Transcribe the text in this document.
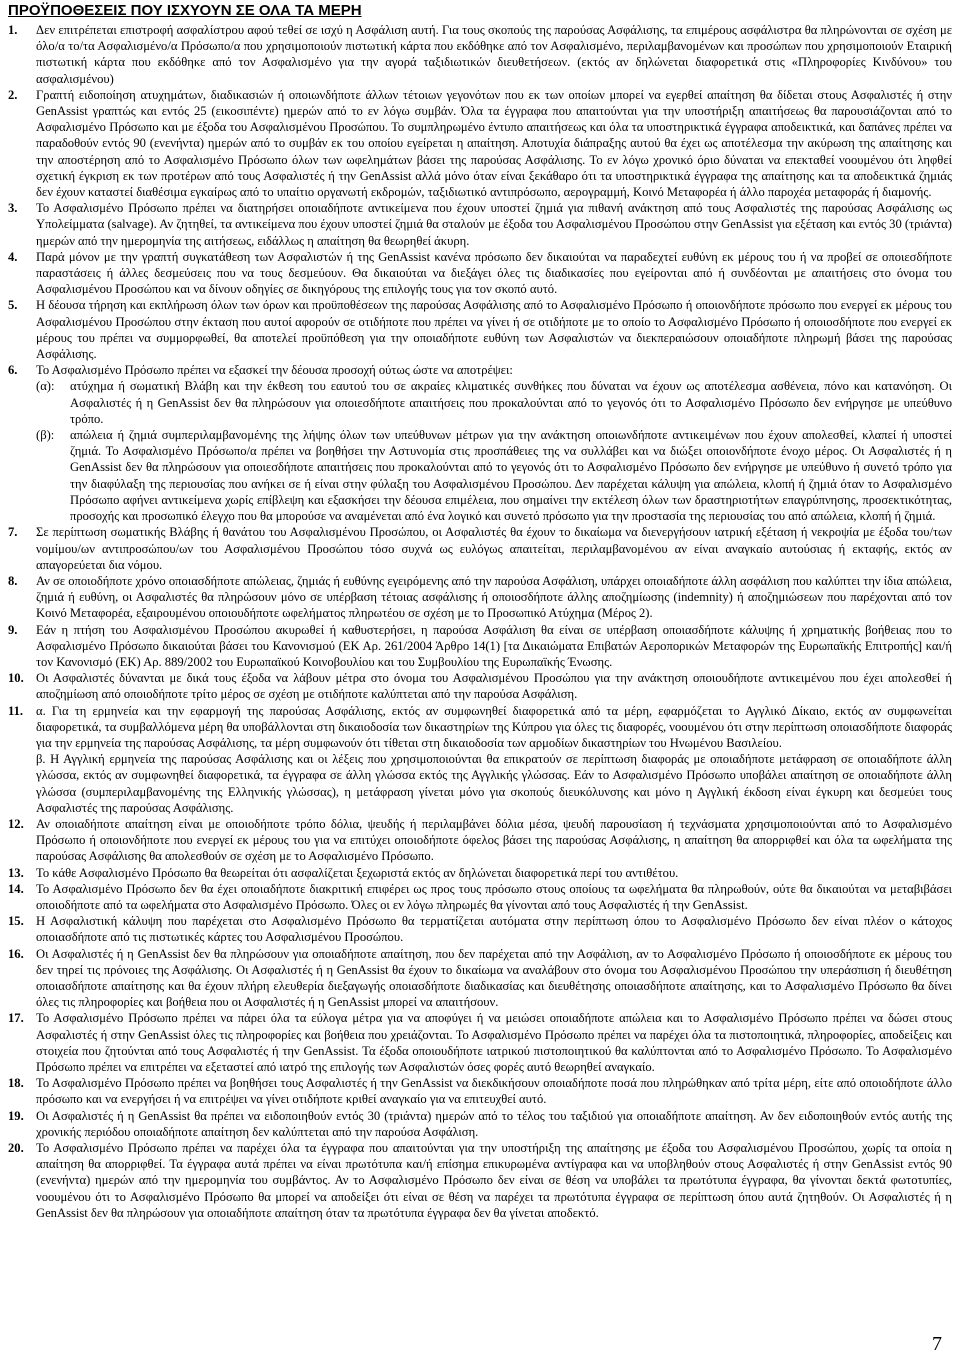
ΠΡΟΫΠΟΘΕΣΕΙΣ ΠΟΥ ΙΣΧΥΟΥΝ ΣΕ ΟΛΑ ΤΑ ΜΕΡΗ
1.	Δεν επιτρέπεται επιστροφή ασφαλίστρου αφού τεθεί σε ισχύ η Ασφάλιση αυτή. Για τους σκοπούς της παρούσας Ασφάλισης, τα επιμέρους ασφάλιστρα θα πληρώνονται σε σχέση με όλο/α το/τα Ασφαλισμένο/α Πρόσωπο/α που χρησιμοποιούν πιστωτική κάρτα που εκδόθηκε από τον Ασφαλισμένο, περιλαμβανομένων και προσώπων που χρησιμοποιούν Εταιρική πιστωτική κάρτα που εκδόθηκε από τον Ασφαλισμένο για την αγορά ταξιδιωτικών διευθετήσεων. (εκτός αν δηλώνεται διαφορετικά στις «Πληροφορίες Κινδύνου» του ασφαλισμένου)
2.	Γραπτή ειδοποίηση ατυχημάτων, διαδικασιών ή οποιωνδήποτε άλλων τέτοιων γεγονότων που εκ των οποίων μπορεί να εγερθεί απαίτηση θα δίδεται στους Ασφαλιστές ή στην GenAssist γραπτώς και εντός 25 (εικοσιπέντε) ημερών από το εν λόγω συμβάν. Όλα τα έγγραφα που απαιτούνται για την υποστήριξη απαιτήσεως θα παρουσιάζονται από το Ασφαλισμένο Πρόσωπο και με έξοδα του Ασφαλισμένου Προσώπου. Το συμπληρωμένο έντυπο απαιτήσεως και όλα τα υποστηρικτικά έγγραφα αποδεικτικά, και δαπάνες πρέπει να παραδοθούν εντός 90 (ενενήντα) ημερών από το συμβάν εκ του οποίου εγείρεται η απαίτηση. Αποτυχία διάπραξης αυτού θα έχει ως αποτέλεσμα την ακύρωση της απαίτησης και την αποστέρηση από το Ασφαλισμένο Πρόσωπο όλων των ωφελημάτων βάσει της παρούσας Ασφάλισης. Το εν λόγω χρονικό όριο δύναται να επεκταθεί νοουμένου ότι ληφθεί σχετική έγκριση εκ των προτέρων από τους Ασφαλιστές ή την GenAssist αλλά μόνο όταν είναι ξεκάθαρο ότι τα υποστηρικτικά έγγραφα της απαίτησης και τα αποδεικτικά ζημιάς δεν έχουν καταστεί διαθέσιμα εγκαίρως από το υπαίτιο οργανωτή εκδρομών, ταξιδιωτικό αντιπρόσωπο, αερογραμμή, Κοινό Μεταφορέα ή άλλο παροχέα μεταφοράς ή διαμονής.
3.	Το Ασφαλισμένο Πρόσωπο πρέπει να διατηρήσει οποιαδήποτε αντικείμενα που έχουν υποστεί ζημιά για πιθανή ανάκτηση από τους Ασφαλιστές της παρούσας Ασφάλισης ως Υπολείμματα (salvage). Αν ζητηθεί, τα αντικείμενα που έχουν υποστεί ζημιά θα σταλούν με έξοδα του Ασφαλισμένου Προσώπου στην GenAssist για εξέταση και εντός 30 (τριάντα) ημερών από την ημερομηνία της αιτήσεως, ειδάλλως η απαίτηση θα θεωρηθεί άκυρη.
4.	Παρά μόνον με την γραπτή συγκατάθεση των Ασφαλιστών ή της GenAssist κανένα πρόσωπο δεν δικαιούται να παραδεχτεί ευθύνη εκ μέρους του ή να προβεί σε οποιεσδήποτε παραστάσεις ή άλλες δεσμεύσεις που να τους δεσμεύουν. Θα δικαιούται να διεξάγει όλες τις διαδικασίες που εγείρονται από ή συνδέονται με απαιτήσεις στο όνομα του Ασφαλισμένου Προσώπου και να δίνουν οδηγίες σε δικηγόρους της επιλογής τους για τον σκοπό αυτό.
5.	Η δέουσα τήρηση και εκπλήρωση όλων των όρων και προϋποθέσεων της παρούσας Ασφάλισης από το Ασφαλισμένο Πρόσωπο ή οποιονδήποτε πρόσωπο που ενεργεί εκ μέρους του Ασφαλισμένου Προσώπου στην έκταση που αυτοί αφορούν σε οτιδήποτε που πρέπει να γίνει ή σε οτιδήποτε με το οποίο το Ασφαλισμένο Πρόσωπο ή οποιοσδήποτε που ενεργεί εκ μέρους του πρέπει να συμμορφωθεί, θα αποτελεί προϋπόθεση για την οποιαδήποτε ευθύνη των Ασφαλιστών να διεκπεραιώσουν οποιαδήποτε πληρωμή βάσει της παρούσας Ασφάλισης.
6.	Το Ασφαλισμένο Πρόσωπο πρέπει να εξασκεί την δέουσα προσοχή ούτως ώστε να αποτρέψει:
(α):	ατύχημα ή σωματική Βλάβη και την έκθεση του εαυτού του σε ακραίες κλιματικές συνθήκες που δύναται να έχουν ως αποτέλεσμα ασθένεια, πόνο και κατανόηση. Οι Ασφαλιστές ή η GenAssist δεν θα πληρώσουν για οποιεσδήποτε απαιτήσεις που προκαλούνται από το γεγονός ότι το Ασφαλισμένο Πρόσωπο δεν ενήργησε με υπεύθυνο τρόπο.
(β):	απώλεια ή ζημιά συμπεριλαμβανομένης της λήψης όλων των υπεύθυνων μέτρων για την ανάκτηση οποιωνδήποτε αντικειμένων που έχουν απολεσθεί, κλαπεί ή υποστεί ζημιά. Το Ασφαλισμένο Πρόσωπο/α πρέπει να βοηθήσει την Αστυνομία στις προσπάθειες της να συλλάβει και να διώξει οποιονδήποτε ένοχο μέρος. Οι Ασφαλιστές ή η GenAssist δεν θα πληρώσουν για οποιεσδήποτε απαιτήσεις που προκαλούνται από το γεγονός ότι το Ασφαλισμένο Πρόσωπο δεν ενήργησε με υπεύθυνο ή συνετό τρόπο για την διαφύλαξη της περιουσίας που ανήκει σε ή είναι στην φύλαξη του Ασφαλισμένου Προσώπου. Δεν παρέχεται κάλυψη για απώλεια, κλοπή ή ζημιά όταν το Ασφαλισμένο Πρόσωπο αφήνει αντικείμενα χωρίς επίβλεψη και εξασκήσει την δέουσα επιμέλεια, που σημαίνει την εκτέλεση όλων των δραστηριοτήτων επαγρύπνησης, προσεκτικότητας, προσοχής και προσωπικό έλεγχο που θα μπορούσε να αναμένεται από ένα λογικό και συνετό πρόσωπο για την προστασία της περιουσίας του από απώλεια, κλοπή ή ζημιά.
7.	Σε περίπτωση σωματικής Βλάβης ή θανάτου του Ασφαλισμένου Προσώπου, οι Ασφαλιστές θα έχουν το δικαίωμα να διενεργήσουν ιατρική εξέταση ή νεκροψία με έξοδα του/των νομίμου/ων αντιπροσώπου/ων του Ασφαλισμένου Προσώπου τόσο συχνά ως ευλόγως απαιτείται, περιλαμβανομένου αν είναι αναγκαίο αυτούσιας ή εκταφής, εκτός αν απαγορεύεται δια νόμου.
8.	Αν σε οποιοδήποτε χρόνο οποιασδήποτε απώλειας, ζημιάς ή ευθύνης εγειρόμενης από την παρούσα Ασφάλιση, υπάρχει οποιαδήποτε άλλη ασφάλιση που καλύπτει την ίδια απώλεια, ζημιά ή ευθύνη, οι Ασφαλιστές θα πληρώσουν μόνο σε υπέρβαση τέτοιας ασφάλισης ή οποιοσδήποτε άλλης αποζημίωσης (indemnity) ή αποζημιώσεων που παρέχονται από τον Κοινό Μεταφορέα, εξαιρουμένου οποιουδήποτε ωφελήματος πληρωτέου σε σχέση με το Προσωπικό Ατύχημα (Μέρος 2).
9.	Εάν η πτήση του Ασφαλισμένου Προσώπου ακυρωθεί ή καθυστερήσει, η παρούσα Ασφάλιση θα είναι σε υπέρβαση οποιασδήποτε κάλυψης ή χρηματικής βοήθειας που το Ασφαλισμένο Πρόσωπο δικαιούται βάσει του Κανονισμού (ΕΚ Αρ. 261/2004 Άρθρο 14(1) [τα Δικαιώματα Επιβατών Αεροπορικών Μεταφορών της Ευρωπαϊκής Επιτροπής] και/ή τον Κανονισμό (ΕΚ) Αρ. 889/2002 του Ευρωπαϊκού Κοινοβουλίου και του Συμβουλίου της Ευρωπαϊκής Ένωσης.
10. Οι Ασφαλιστές δύνανται με δικά τους έξοδα να λάβουν μέτρα στο όνομα του Ασφαλισμένου Προσώπου για την ανάκτηση οποιουδήποτε αντικειμένου που έχει απολεσθεί ή αποζημίωση από οποιοδήποτε τρίτο μέρος σε σχέση με οτιδήποτε καλύπτεται από την παρούσα Ασφάλιση.
11.	α. Για τη ερμηνεία και την εφαρμογή της παρούσας Ασφάλισης, εκτός αν συμφωνηθεί διαφορετικά από τα μέρη, εφαρμόζεται το Αγγλικό Δίκαιο, εκτός αν συμφωνείται διαφορετικά, τα συμβαλλόμενα μέρη θα υποβάλλονται στη δικαιοδοσία των δικαστηρίων της Κύπρου για όλες τις διαφορές, νοουμένου ότι στην περίπτωση οποιασδήποτε διαφοράς για την ερμηνεία της παρούσας Ασφάλισης, τα μέρη συμφωνούν ότι τίθεται στη δικαιοδοσία των αρμοδίων δικαστηρίων του Ηνωμένου Βασιλείου.
β. Η Αγγλική ερμηνεία της παρούσας Ασφάλισης και οι λέξεις που χρησιμοποιούνται θα επικρατούν σε περίπτωση διαφοράς με οποιαδήποτε μετάφραση σε οποιαδήποτε άλλη γλώσσα, εκτός αν συμφωνηθεί διαφορετικά, τα έγγραφα σε άλλη γλώσσα εκτός της Αγγλικής γλώσσας. Εάν το Ασφαλισμένο Πρόσωπο υποβάλει απαίτηση σε οποιαδήποτε άλλη γλώσσα (συμπεριλαμβανομένης της Ελληνικής γλώσσας), η μετάφραση γίνεται μόνο για σκοπούς διευκόλυνσης και μόνο η Αγγλική έκδοση είναι έγκυρη και δεσμεύει τους Ασφαλιστές της παρούσας Ασφάλισης.
12. Αν οποιαδήποτε απαίτηση είναι με οποιοδήποτε τρόπο δόλια, ψευδής ή περιλαμβάνει δόλια μέσα, ψευδή παρουσίαση ή τεχνάσματα χρησιμοποιούνται από το Ασφαλισμένο Πρόσωπο ή οποιονδήποτε που ενεργεί εκ μέρους του για να επιτύχει οποιοδήποτε όφελος βάσει της παρούσας Ασφάλισης, η απαίτηση θα απορριφθεί και όλα τα ωφελήματα της παρούσας Ασφάλισης θα απολεσθούν σε σχέση με το Ασφαλισμένο Πρόσωπο.
13. Το κάθε Ασφαλισμένο Πρόσωπο θα θεωρείται ότι ασφαλίζεται ξεχωριστά εκτός αν δηλώνεται διαφορετικά περί του αντιθέτου.
14. Το Ασφαλισμένο Πρόσωπο δεν θα έχει οποιαδήποτε διακριτική επιφέρει ως προς τους πρόσωπο στους οποίους τα ωφελήματα θα πληρωθούν, ούτε θα δικαιούται να μεταβιβάσει οποιοδήποτε από τα ωφελήματα στο Ασφαλισμένο Πρόσωπο. Όλες οι εν λόγω πληρωμές θα γίνονται από τους Ασφαλιστές ή την GenAssist.
15. Η Ασφαλιστική κάλυψη που παρέχεται στο Ασφαλισμένο Πρόσωπο θα τερματίζεται αυτόματα στην περίπτωση όπου το Ασφαλισμένο Πρόσωπο δεν είναι πλέον ο κάτοχος οποιασδήποτε από τις πιστωτικές κάρτες του Ασφαλισμένου Προσώπου.
16. Οι Ασφαλιστές ή η GenAssist δεν θα πληρώσουν για οποιαδήποτε απαίτηση, που δεν παρέχεται από την Ασφάλιση, αν το Ασφαλισμένο Πρόσωπο ή οποιοσδήποτε εκ μέρους του δεν τηρεί τις πρόνοιες της Ασφάλισης. Οι Ασφαλιστές ή η GenAssist θα έχουν το δικαίωμα να αναλάβουν στο όνομα του Ασφαλισμένου Προσώπου την υπεράσπιση ή διευθέτηση οποιασδήποτε απαίτησης και θα έχουν πλήρη ελευθερία διεξαγωγής οποιασδήποτε διαδικασίας και διευθέτησης οποιασδήποτε απαίτησης, και το Ασφαλισμένο Πρόσωπο θα δίνει όλες τις πληροφορίες και βοήθεια που οι Ασφαλιστές ή η GenAssist μπορεί να απαιτήσουν.
17. Το Ασφαλισμένο Πρόσωπο πρέπει να πάρει όλα τα εύλογα μέτρα για να αποφύγει ή να μειώσει οποιαδήποτε απώλεια και το Ασφαλισμένο Πρόσωπο πρέπει να δώσει στους Ασφαλιστές ή στην GenAssist όλες τις πληροφορίες και βοήθεια που χρειάζονται. Το Ασφαλισμένο Πρόσωπο πρέπει να παρέχει όλα τα πιστοποιητικά, πληροφορίες, αποδείξεις και στοιχεία που ζητούνται από τους Ασφαλιστές ή την GenAssist. Τα έξοδα οποιουδήποτε ιατρικού πιστοποιητικού θα καλύπτονται από το Ασφαλισμένο Πρόσωπο. Το Ασφαλισμένο Πρόσωπο πρέπει να επιτρέπει να εξεταστεί από ιατρό της επιλογής των Ασφαλιστών όσες φορές αυτό θεωρηθεί αναγκαίο.
18. Το Ασφαλισμένο Πρόσωπο πρέπει να βοηθήσει τους Ασφαλιστές ή την GenAssist να διεκδικήσουν οποιαδήποτε ποσά που πληρώθηκαν από τρίτα μέρη, είτε από οποιοδήποτε άλλο πρόσωπο και να ενεργήσει ή να επιτρέψει να γίνει οτιδήποτε κριθεί αναγκαίο για να επιτευχθεί αυτό.
19. Οι Ασφαλιστές ή η GenAssist θα πρέπει να ειδοποιηθούν εντός 30 (τριάντα) ημερών από το τέλος του ταξιδιού για οποιαδήποτε απαίτηση. Αν δεν ειδοποιηθούν εντός αυτής της χρονικής περιόδου οποιαδήποτε απαίτηση δεν καλύπτεται από την παρούσα Ασφάλιση.
20. Το Ασφαλισμένο Πρόσωπο πρέπει να παρέχει όλα τα έγγραφα που απαιτούνται για την υποστήριξη της απαίτησης με έξοδα του Ασφαλισμένου Προσώπου, χωρίς τα οποία η απαίτηση θα απορριφθεί. Τα έγγραφα αυτά πρέπει να είναι πρωτότυπα και/ή επίσημα επικυρωμένα αντίγραφα και να υποβληθούν στους Ασφαλιστές ή στην GenAssist εντός 90 (ενενήντα) ημερών από την ημερομηνία του συμβάντος. Αν το Ασφαλισμένο Πρόσωπο δεν είναι σε θέση να υποβάλει τα πρωτότυπα έγγραφα, θα γίνονται δεκτά φωτοτυπίες, νοουμένου ότι το Ασφαλισμένο Πρόσωπο θα μπορεί να αποδείξει ότι είναι σε θέση να παρέχει τα πρωτότυπα έγγραφα σε περίπτωση όπου αυτά ζητηθούν. Οι Ασφαλιστές ή η GenAssist δεν θα πληρώσουν για οποιαδήποτε απαίτηση όταν τα πρωτότυπα έγγραφα δεν θα γίνεται αποδεκτό.
7
